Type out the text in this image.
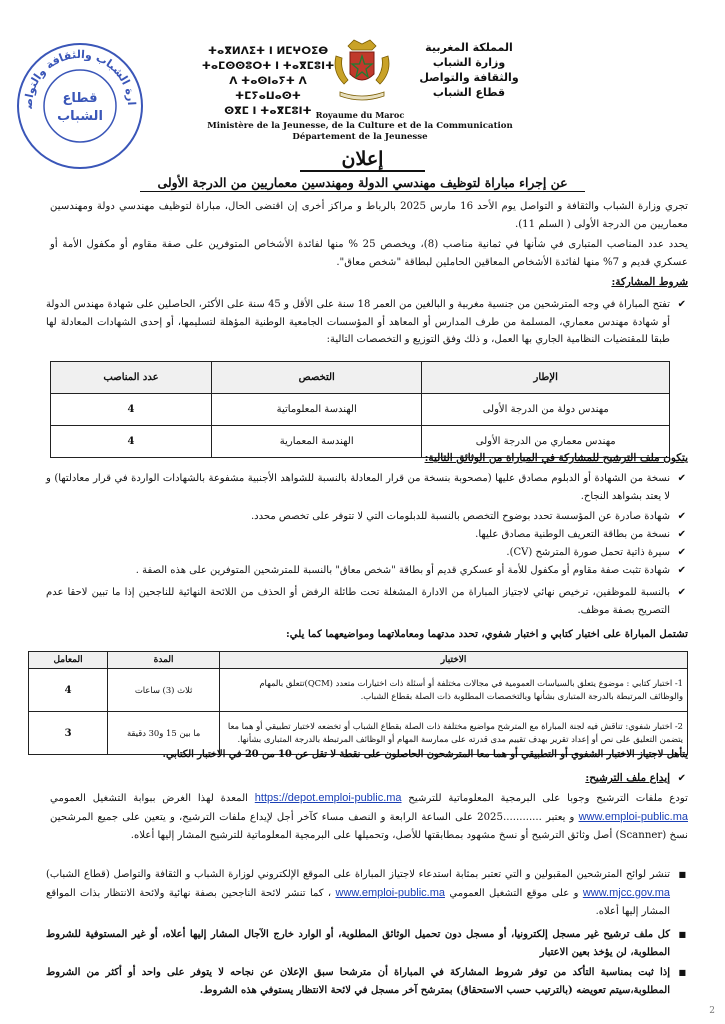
ارة الشباب والثقافة والتواص	قطاع
الشباب
ⵜⴰⴳⵍⴷⵉⵜ ⵏ ⵍⵎⵖⵔⵉⴱ
ⵜⴰⵎⵙⵙⵓⵔⵜ ⵏ ⵜⴰⴳⵎⵓⵏⵜ
ⴷ ⵜⴰⵙⵏⴰⵢⵜ ⴷ ⵜⵎⵢⴰⵡⴰⵙⵜ
ⵙⴳⵎ ⵏ ⵜⴰⴳⵎⵓⵏⵜ
المملكة المغربية
وزارة الشباب
والثقافة والتواصل
قطاع الشباب
Royaume du Maroc
Ministère de la Jeunesse, de la Culture et de la Communication
Département de la Jeunesse
إعلان
عن إجراء مباراة لتوظيف مهندسي الدولة ومهندسين معماريين من الدرجة الأولى
تجري وزارة الشباب والثقافة و التواصل يوم الأحد 16 مارس 2025 بالرباط و مراكز أخرى إن اقتضى الحال، مباراة لتوظيف مهندسي دولة ومهندسين معماريين من الدرجة الأولى ( السلم 11).
يحدد عدد المناصب المتبارى في شأنها في ثمانية مناصب (8)، ويخصص 25 % منها لفائدة الأشخاص المتوفرين على صفة مقاوم أو مكفول الأمة أو عسكري قديم و 7% منها لفائدة الأشخاص المعاقين الحاملين لبطاقة "شخص معاق".
شروط المشاركة:
✔
تفتح المباراة في وجه المترشحين من جنسية مغربية و البالغين من العمر 18 سنة على الأقل و 45 سنة على الأكثر، الحاصلين على شهادة مهندس الدولة أو شهادة مهندس معماري، المسلمة من طرف المدارس أو المعاهد أو المؤسسات الجامعية الوطنية المؤهلة لتسليمها، أو إحدى الشهادات المعادلة لها طبقا للمقتضيات النظامية الجاري بها العمل، و ذلك وفق التوزيع و التخصصات التالية:
الإطار	التخصص	عدد المناصب
مهندس دولة من الدرجة الأولى	الهندسة المعلوماتية	4
مهندس معماري من الدرجة الأولى	الهندسة المعمارية	4
يتكون ملف الترشيح للمشاركة في المباراة من الوثائق التالية:
✔
نسخة من الشهادة أو الدبلوم مصادق عليها (مصحوبة بنسخة من قرار المعادلة بالنسبة للشواهد الأجنبية مشفوعة بالشهادات الواردة في قرار معادلتها) و لا يعتد بشواهد النجاح.
✔
شهادة صادرة عن المؤسسة تحدد بوضوح التخصص بالنسبة للدبلومات التي لا تتوفر على تخصص محدد.
✔
نسخة من بطاقة التعريف الوطنية مصادق عليها.
✔
سيرة ذاتية تحمل صورة المترشح (CV).
✔
شهادة تثبت صفة مقاوم أو مكفول للأمة أو عسكري قديم أو بطاقة "شخص معاق" بالنسبة للمترشحين المتوفرين على هذه الصفة .
✔
بالنسبة للموظفين، ترخيص نهائي لاجتياز المباراة من الادارة المشغلة تحت طائلة الرفض أو الحذف من اللائحة النهائية للناجحين إذا ما تبين لاحقا عدم التصريح بصفة موظف.
تشتمل المباراة على اختبار كتابي و اختبار شفوي، تحدد مدتهما ومعاملاتهما ومواضيعهما كما يلي:
الاختبار	المدة	المعامل
1- اختبار كتابي : موضوع يتعلق بالسياسات العمومية في مجالات مختلفة أو أسئلة ذات اختيارات متعدد (QCM)تتعلق بالمهام والوظائف المرتبطة بالدرجة المتبارى بشأنها وبالتخصصات المطلوبة ذات الصلة بقطاع الشباب.	ثلاث (3) ساعات	4
2- اختبار شفوي: تناقش فيه لجنة المباراة مع المترشح مواضيع مختلفة ذات الصلة بقطاع الشباب أو تخضعه لاختبار تطبيقي أو هما معا يتضمن التعليق على نص أو إعداد تقرير بهدف تقييم مدى قدرته على ممارسة المهام أو الوظائف المرتبطة بالدرجة المتبارى بشأنها.	ما بين 15 و30 دقيقة	3
يتأهل لاجتياز الاختبار الشفوي أو التطبيقي أو هما معا المترشحون الحاصلون على نقطة لا تقل عن 10 من 20 في الاختبار الكتابي.
✔
إيداع ملف الترشيح:
تودع ملفات الترشيح وجوبا على البرمجية المعلوماتية للترشيح https://depot.emploi-public.ma المعدة لهذا الغرض ببوابة التشغيل العمومي www.emploi-public.ma و يعتبر ............2025 على الساعة الرابعة و النصف مساء كآخر أجل لإيداع ملفات الترشيح، و يتعين على جميع المرشحين نسخ (Scanner) أصل وثائق الترشيح أو نسخ مشهود بمطابقتها للأصل، وتحميلها على البرمجية المعلوماتية للترشيح المشار إليها أعلاه.
■
تنشر لوائح المترشحين المقبولين و التي تعتبر بمثابة استدعاء لاجتياز المباراة على الموقع الإلكتروني لوزارة الشباب و الثقافة والتواصل (قطاع الشباب) www.mjcc.gov.ma و على موقع التشغيل العمومي www.emploi-public.ma ، كما تنشر لائحة الناجحين بصفة نهائية ولائحة الانتظار بذات المواقع المشار إليها أعلاه.
■
كل ملف ترشيح غير مسجل إلكترونيا، أو مسجل دون تحميل الوثائق المطلوبة، أو الوارد خارج الآجال المشار إليها أعلاه، أو غير المستوفية للشروط المطلوبة، لن يؤخذ بعين الاعتبار
■
إذا ثبت بمناسبة التأكد من توفر شروط المشاركة في المباراة أن مترشحا سبق الإعلان عن نجاحه لا يتوفر على واحد أو أكثر من الشروط المطلوبة،سيتم تعويضه (بالترتيب حسب الاستحقاق) بمترشح آخر مسجل في لائحة الانتظار يستوفي هذه الشروط.
2
